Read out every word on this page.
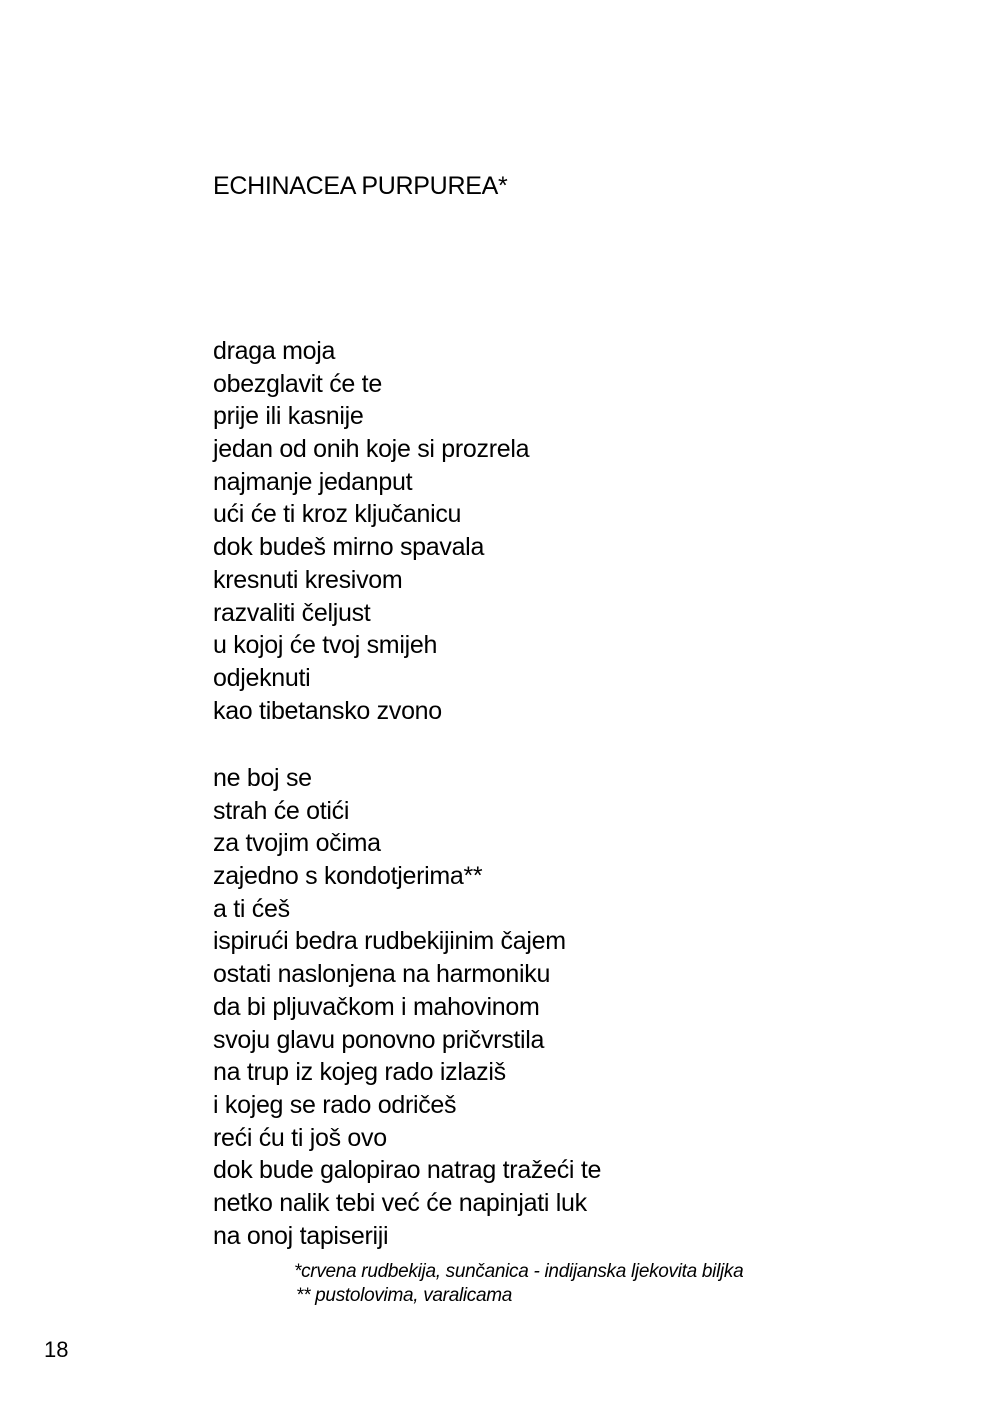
ECHINACEA PURPUREA*
draga moja
obezglavit će te
prije ili kasnije
jedan od onih koje si prozrela
najmanje jedanput
ući će ti kroz ključanicu
dok budeš mirno spavala
kresnuti kresivom
razvaliti čeljust
u kojoj će tvoj smijeh
odjeknuti
kao tibetansko zvono
ne boj se
strah će otići
za tvojim očima
zajedno s kondotjerima**
a ti ćeš
ispirući bedra rudbekijinim čajem
ostati naslonjena na harmoniku
da bi pljuvačkom i mahovinom
svoju glavu ponovno pričvrstila
na trup iz kojeg rado izlaziš
i kojeg se rado odričeš
reći ću ti još ovo
dok bude galopirao natrag tražeći te
netko nalik tebi već će napinjati luk
na onoj tapiseriji
*crvena rudbekija, sunčanica - indijanska ljekovita biljka
** pustolovima, varalicama
18
